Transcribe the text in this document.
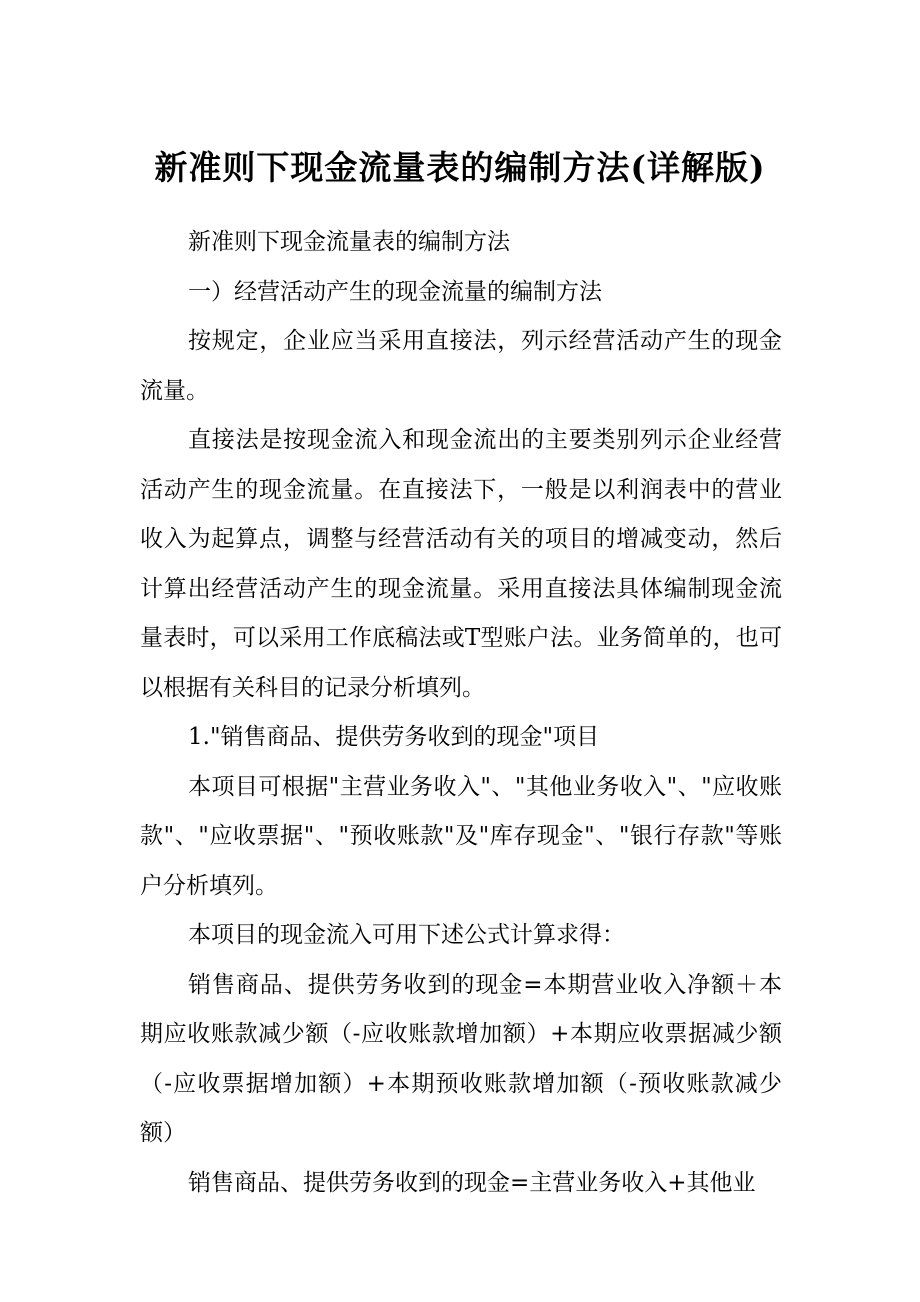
新准则下现金流量表的编制方法(详解版)

新准则下现金流量表的编制方法

一）经营活动产生的现金流量的编制方法

按规定，企业应当采用直接法，列示经营活动产生的现金流量。

直接法是按现金流入和现金流出的主要类别列示企业经营活动产生的现金流量。在直接法下，一般是以利润表中的营业收入为起算点，调整与经营活动有关的项目的增减变动，然后计算出经营活动产生的现金流量。采用直接法具体编制现金流量表时，可以采用工作底稿法或T型账户法。业务简单的，也可以根据有关科目的记录分析填列。

1."销售商品、提供劳务收到的现金"项目

本项目可根据"主营业务收入"、"其他业务收入"、"应收账款"、"应收票据"、"预收账款"及"库存现金"、"银行存款"等账户分析填列。

本项目的现金流入可用下述公式计算求得：

销售商品、提供劳务收到的现金=本期营业收入净额＋本期应收账款减少额（-应收账款增加额）+本期应收票据减少额（-应收票据增加额）+本期预收账款增加额（-预收账款减少额）

销售商品、提供劳务收到的现金=主营业务收入+其他业
